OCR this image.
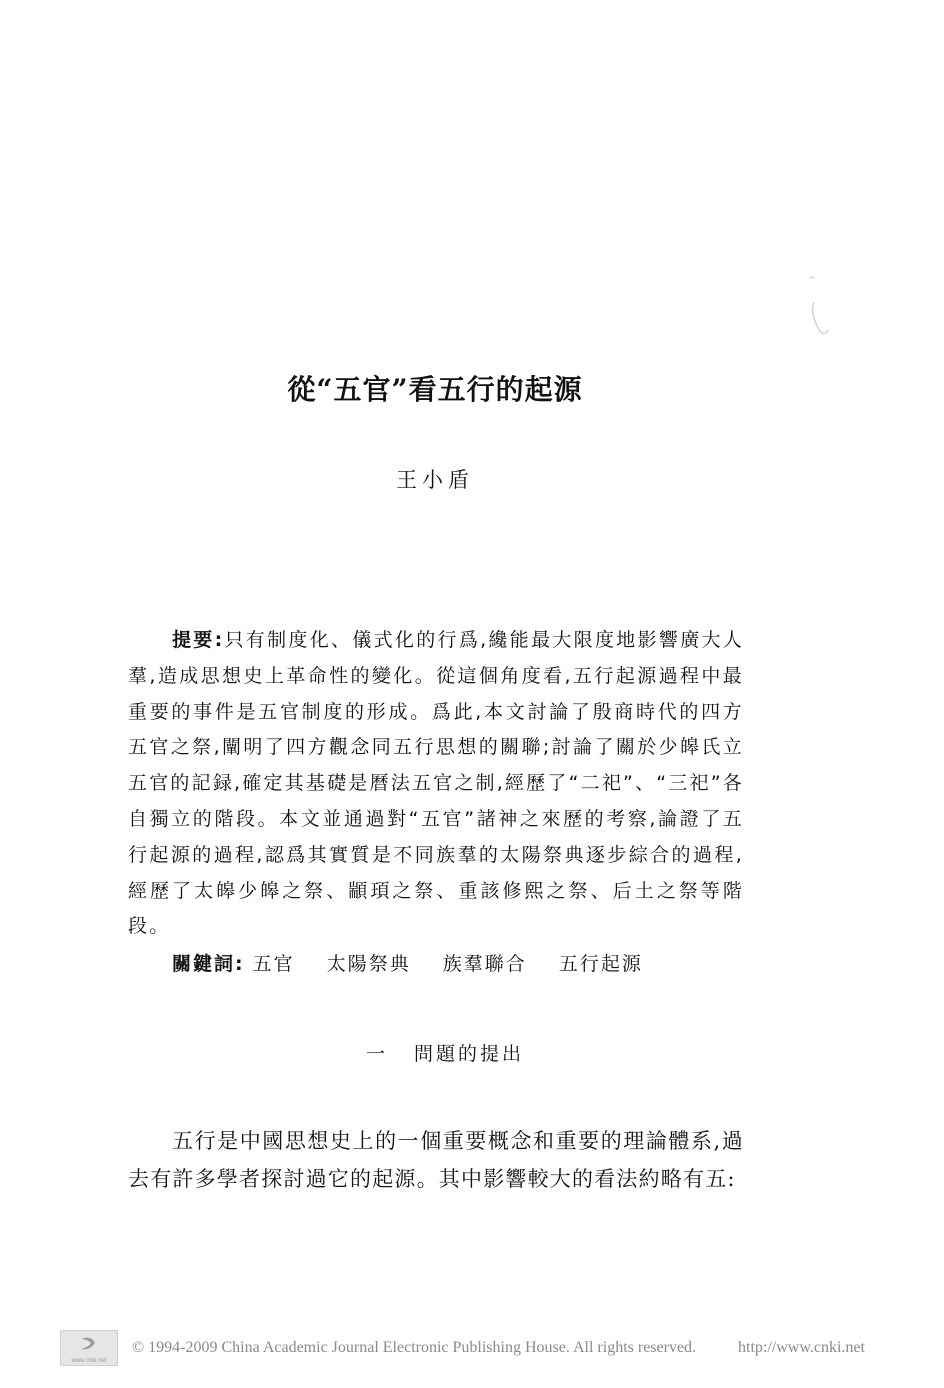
從“五官”看五行的起源
王小盾

提要:只有制度化、儀式化的行爲,纔能最大限度地影響廣大人羣,造成思想史上革命性的變化。從這個角度看,五行起源過程中最重要的事件是五官制度的形成。爲此,本文討論了殷商時代的四方五官之祭,闡明了四方觀念同五行思想的關聯;討論了關於少皞氏立五官的記録,確定其基礎是曆法五官之制,經歷了“二祀”、“三祀”各自獨立的階段。本文並通過對“五官”諸神之來歷的考察,論證了五行起源的過程,認爲其實質是不同族羣的太陽祭典逐步綜合的過程,經歷了太皞少皞之祭、顓頊之祭、重該修熙之祭、后土之祭等階段。

關鍵詞: 五官 太陽祭典 族羣聯合 五行起源
一 問題的提出

五行是中國思想史上的一個重要概念和重要的理論體系,過去有許多學者探討過它的起源。其中影響較大的看法約略有五:

www.cnki.net
© 1994-2009 China Academic Journal Electronic Publishing House. All rights reserved.	http://www.cnki.net
